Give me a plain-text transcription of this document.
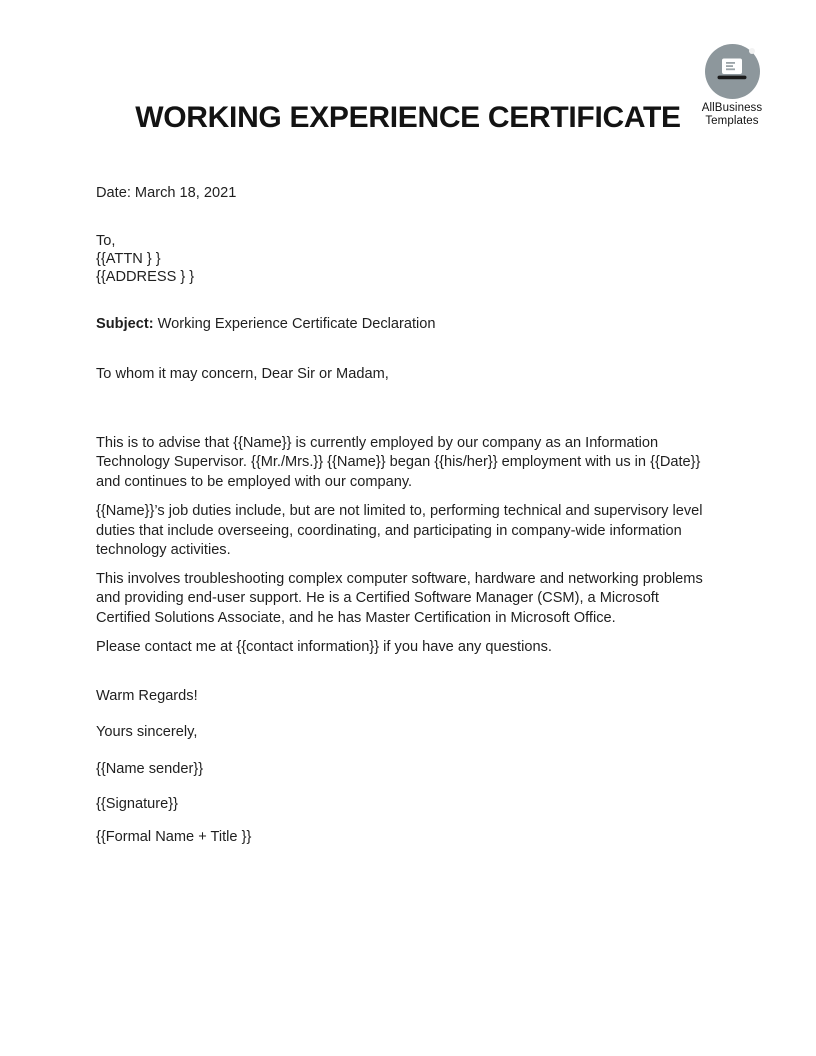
AllBusiness
Templates
WORKING EXPERIENCE CERTIFICATE

Date: March 18, 2021

To,
{{ATTN } }
{{ADDRESS } }

Subject: Working Experience Certificate Declaration

To whom it may concern, Dear Sir or Madam,

This is to advise that {{Name}} is currently employed by our company as an Information Technology Supervisor. {{Mr./Mrs.}} {{Name}} began {{his/her}} employment with us in {{Date}} and continues to be employed with our company.

{{Name}}’s job duties include, but are not limited to, performing technical and supervisory level duties that include overseeing, coordinating, and participating in company-wide information technology activities.

This involves troubleshooting complex computer software, hardware and networking problems and providing end-user support. He is a Certified Software Manager (CSM), a Microsoft Certified Solutions Associate, and he has Master Certification in Microsoft Office.

Please contact me at {{contact information}} if you have any questions.

Warm Regards!

Yours sincerely,

{{Name sender}}

{{Signature}}

{{Formal Name + Title }}
